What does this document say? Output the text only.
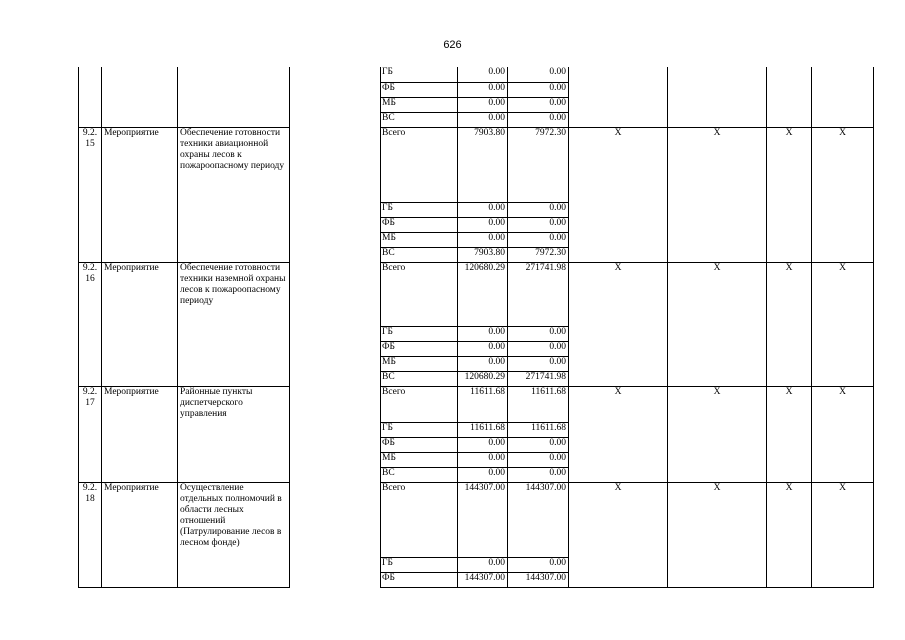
626
				ГБ	0.00	0.00				
				ФБ	0.00	0.00				
				МБ	0.00	0.00				
				ВС	0.00	0.00				
9.2.15	Мероприятие	Обеспечение готовности техники авиационной охраны лесов к пожароопасному периоду		Всего	7903.80	7972.30	Х	Х	Х	Х
				ГБ	0.00	0.00				
				ФБ	0.00	0.00				
				МБ	0.00	0.00				
				ВС	7903.80	7972.30				
9.2.16	Мероприятие	Обеспечение готовности техники наземной охраны лесов к пожароопасному периоду		Всего	120680.29	271741.98	Х	Х	Х	Х
				ГБ	0.00	0.00				
				ФБ	0.00	0.00				
				МБ	0.00	0.00				
				ВС	120680.29	271741.98				
9.2.17	Мероприятие	Районные пункты диспетчерского управления		Всего	11611.68	11611.68	Х	Х	Х	Х
				ГБ	11611.68	11611.68				
				ФБ	0.00	0.00				
				МБ	0.00	0.00				
				ВС	0.00	0.00				
9.2.18	Мероприятие	Осуществление отдельных полномочий в области лесных отношений (Патрулирование лесов в лесном фонде)		Всего	144307.00	144307.00	Х	Х	Х	Х
				ГБ	0.00	0.00				
				ФБ	144307.00	144307.00				
